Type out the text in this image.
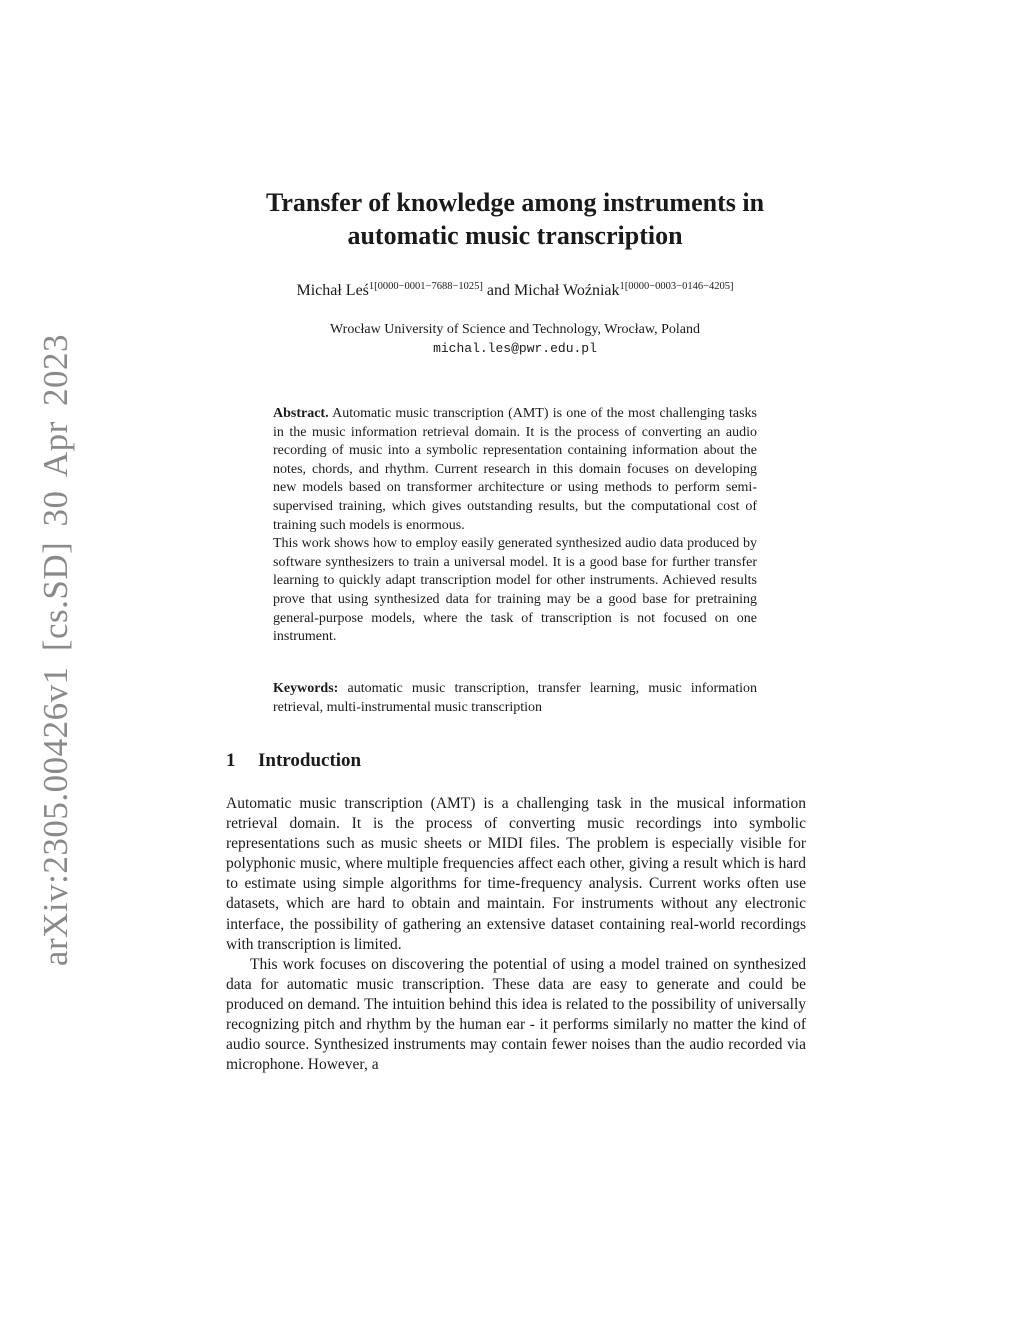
arXiv:2305.00426v1 [cs.SD] 30 Apr 2023
Transfer of knowledge among instruments in
automatic music transcription
Michał Leś$^{1[0000-0001-7688-1025]}$ and Michał Woźniak$^{1[0000-0003-0146-4205]}$
Wrocław University of Science and Technology, Wrocław, Poland
michal.les@pwr.edu.pl

Abstract. Automatic music transcription (AMT) is one of the most challenging tasks in the music information retrieval domain. It is the process of converting an audio recording of music into a symbolic representation containing information about the notes, chords, and rhythm. Current research in this domain focuses on developing new models based on transformer architecture or using methods to perform semi-supervised training, which gives outstanding results, but the computational cost of training such models is enormous.

This work shows how to employ easily generated synthesized audio data produced by software synthesizers to train a universal model. It is a good base for further transfer learning to quickly adapt transcription model for other instruments. Achieved results prove that using synthesized data for training may be a good base for pretraining general-purpose models, where the task of transcription is not focused on one instrument.

Keywords: automatic music transcription, transfer learning, music information retrieval, multi-instrumental music transcription

1 Introduction

Automatic music transcription (AMT) is a challenging task in the musical information retrieval domain. It is the process of converting music recordings into symbolic representations such as music sheets or MIDI files. The problem is especially visible for polyphonic music, where multiple frequencies affect each other, giving a result which is hard to estimate using simple algorithms for time-frequency analysis. Current works often use datasets, which are hard to obtain and maintain. For instruments without any electronic interface, the possibility of gathering an extensive dataset containing real-world recordings with transcription is limited.

This work focuses on discovering the potential of using a model trained on synthesized data for automatic music transcription. These data are easy to generate and could be produced on demand. The intuition behind this idea is related to the possibility of universally recognizing pitch and rhythm by the human ear - it performs similarly no matter the kind of audio source. Synthesized instruments may contain fewer noises than the audio recorded via microphone. However, a
